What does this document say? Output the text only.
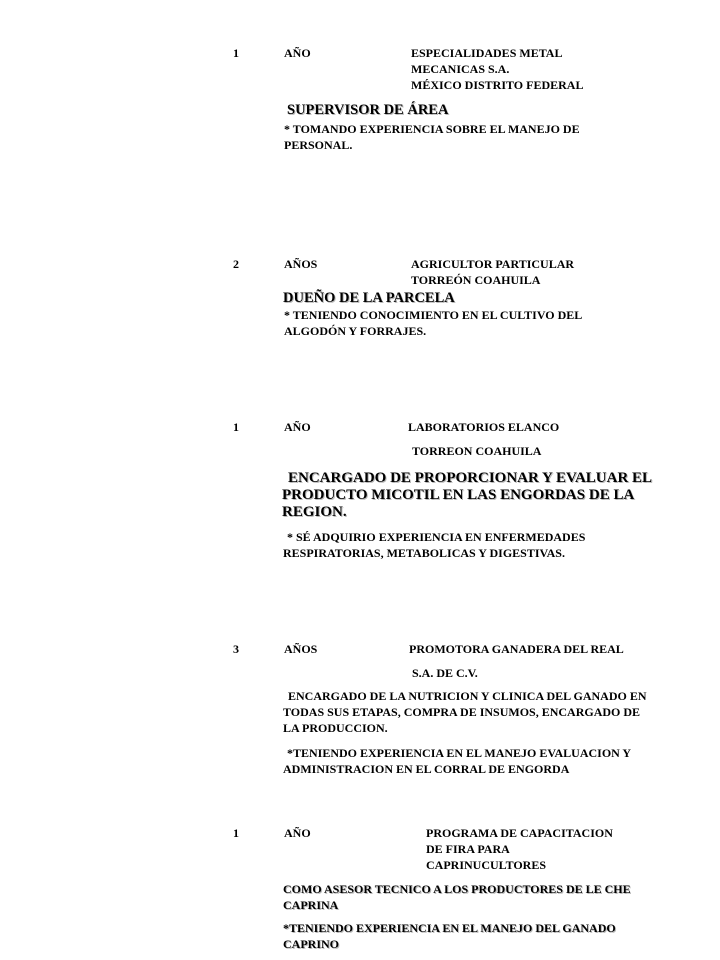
1	AÑO	ESPECIALIDADES METAL
MECANICAS S.A.
MÉXICO DISTRITO FEDERAL
SUPERVISOR DE ÁREA
* TOMANDO EXPERIENCIA SOBRE EL MANEJO DE PERSONAL.
2	AÑOS	AGRICULTOR PARTICULAR
TORREÓN COAHUILA
DUEÑO DE LA PARCELA
* TENIENDO CONOCIMIENTO EN EL CULTIVO DEL ALGODÓN Y FORRAJES.
1	AÑO	LABORATORIOS ELANCO
TORREON COAHUILA
ENCARGADO DE PROPORCIONAR Y EVALUAR EL PRODUCTO MICOTIL EN LAS ENGORDAS DE LA REGION.
* SÉ ADQUIRIO EXPERIENCIA EN ENFERMEDADES RESPIRATORIAS, METABOLICAS Y DIGESTIVAS.
3	AÑOS	PROMOTORA GANADERA DEL REAL
S.A. DE C.V.
ENCARGADO DE LA NUTRICION Y CLINICA DEL GANADO EN TODAS SUS ETAPAS, COMPRA DE INSUMOS, ENCARGADO DE LA PRODUCCION.
*TENIENDO EXPERIENCIA EN EL MANEJO EVALUACION Y ADMINISTRACION EN EL CORRAL DE ENGORDA
1	AÑO	PROGRAMA DE CAPACITACION
DE FIRA PARA
CAPRINUCULTORES
COMO ASESOR TECNICO A LOS PRODUCTORES DE LE CHE CAPRINA
*TENIENDO EXPERIENCIA EN EL MANEJO DEL GANADO CAPRINO
